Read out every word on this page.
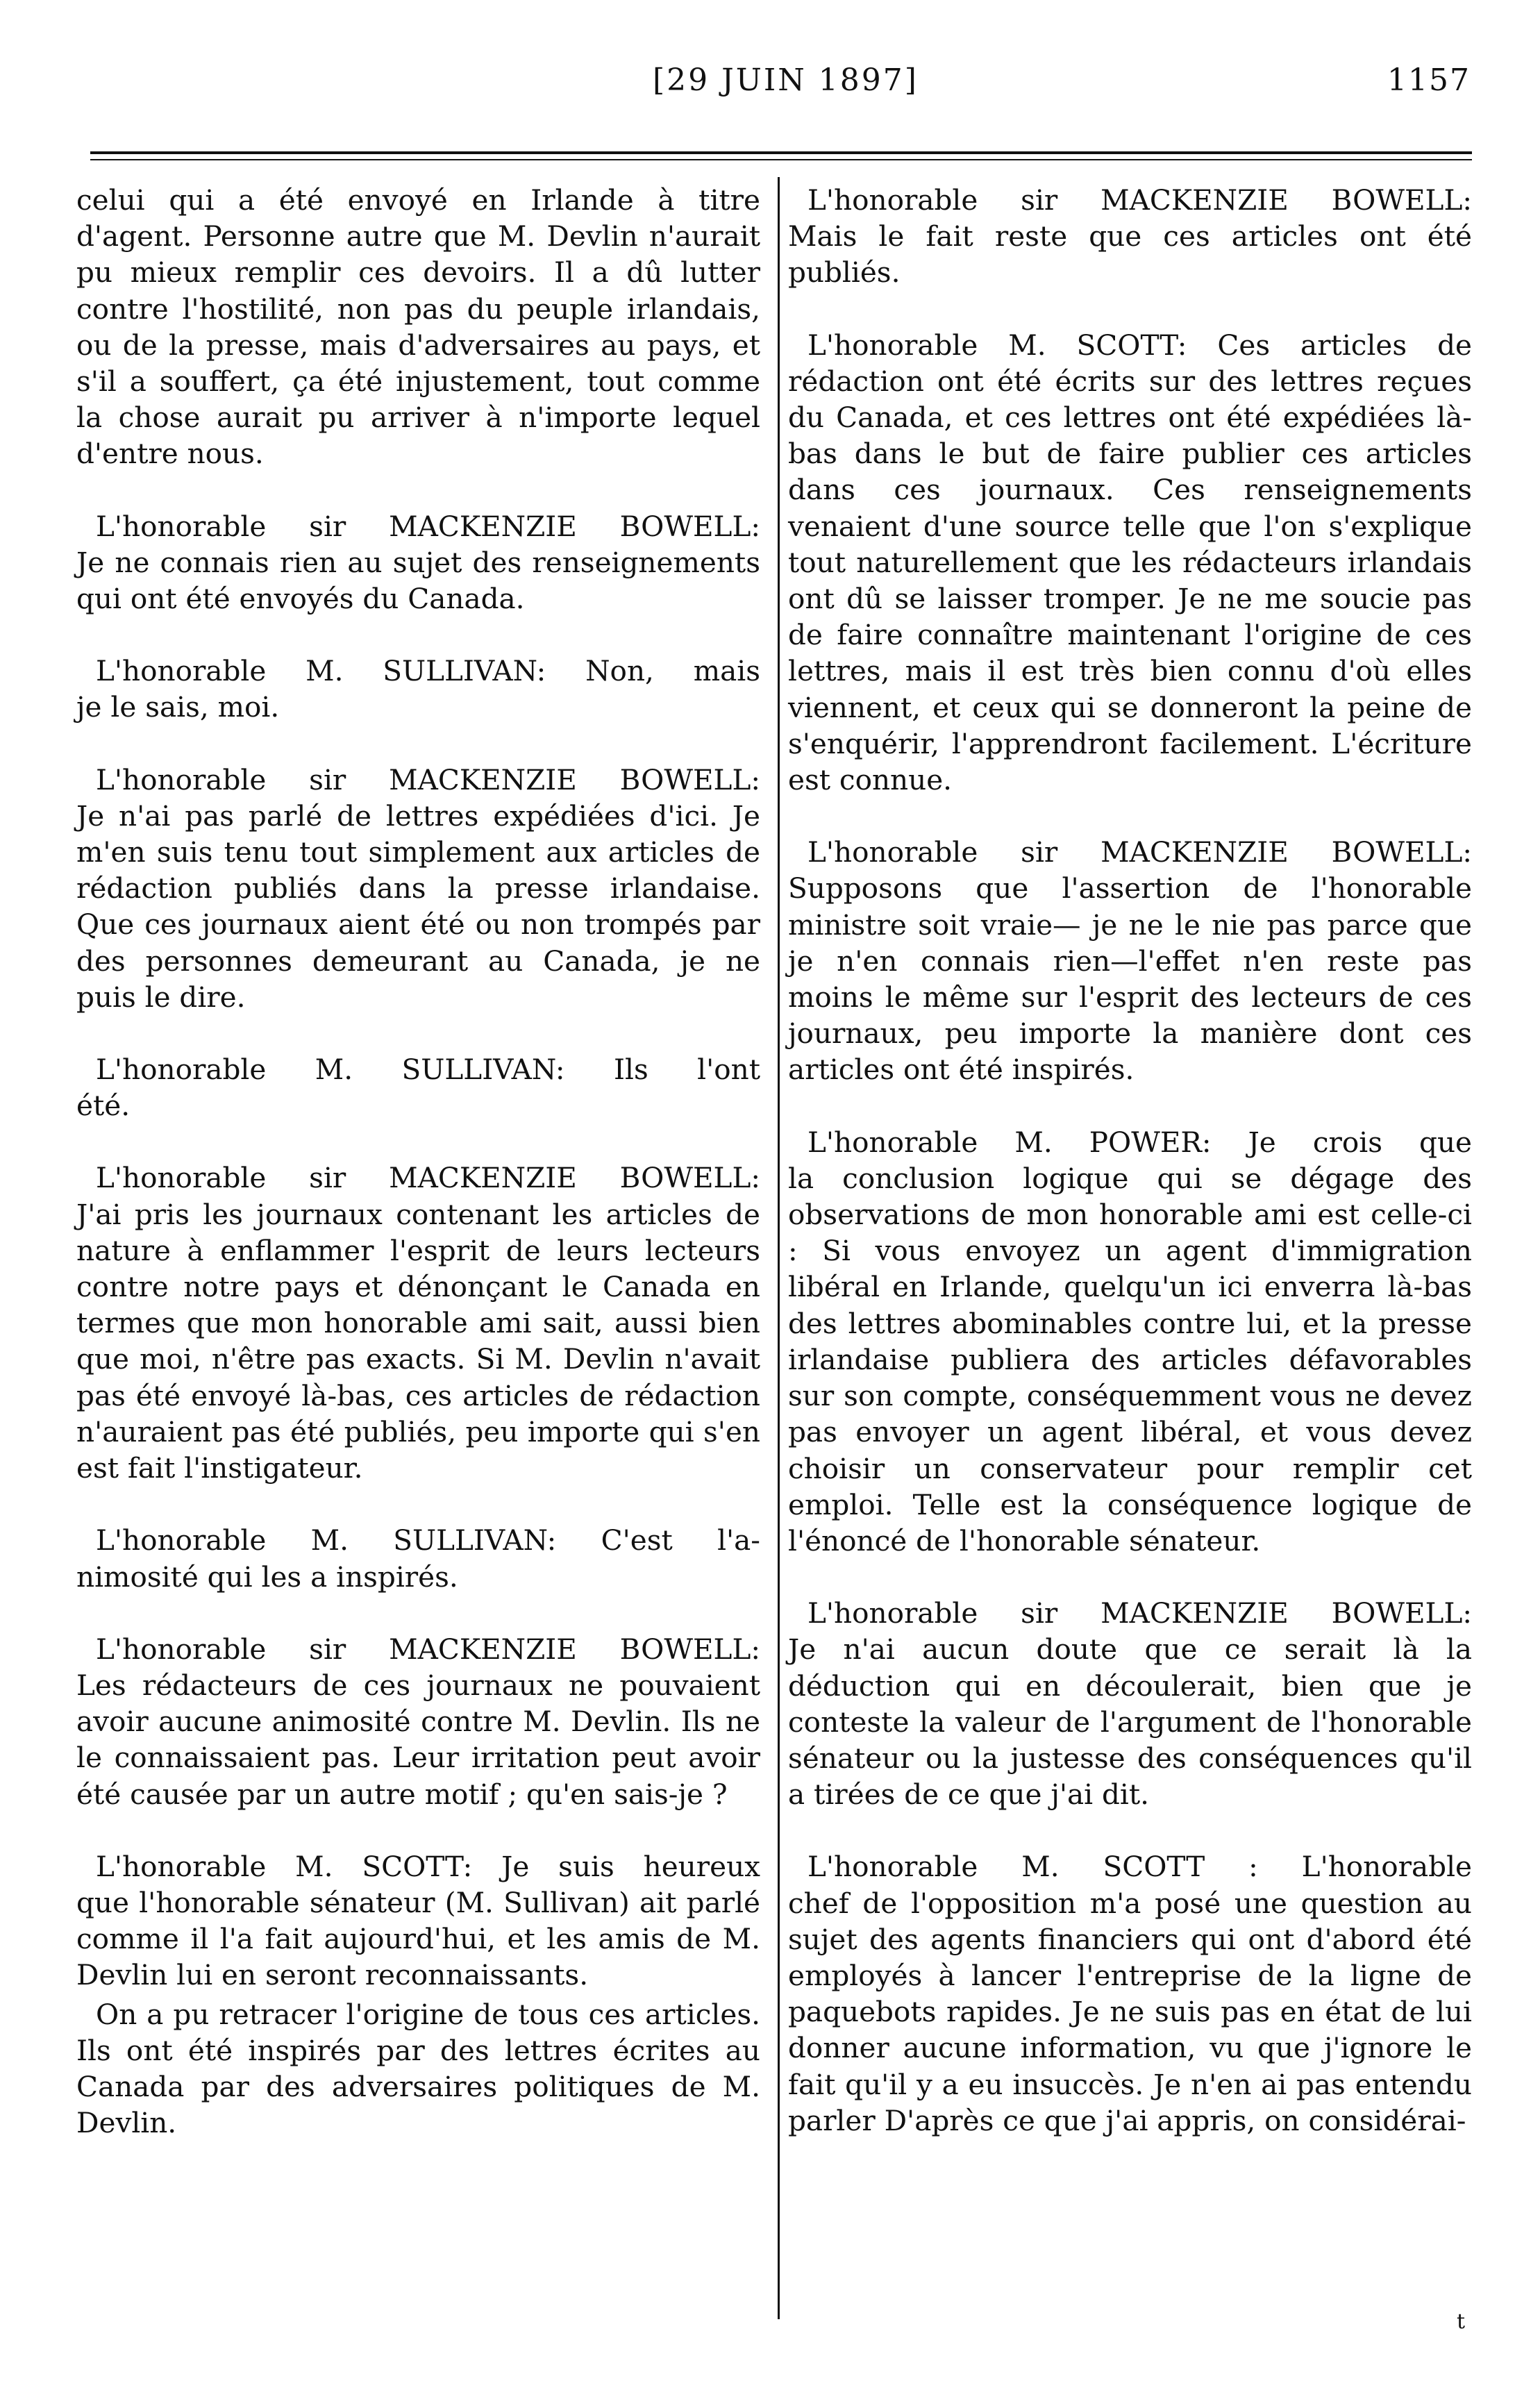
[29 JUIN 1897]	1157

celui qui a été envoyé en Irlande à titre d'agent. Personne autre que M. Devlin n'aurait pu mieux remplir ces devoirs. Il a dû lutter contre l'hostilité, non pas du peuple irlandais, ou de la presse, mais d'adversaires au pays, et s'il a souffert, ça été injustement, tout comme la chose aurait pu arriver à n'importe lequel d'entre nous.

L'honorable sir MACKENZIE BOWELL:
Je ne connais rien au sujet des renseignements qui ont été envoyés du Canada.

L'honorable M. SULLIVAN: Non, mais
je le sais, moi.

L'honorable sir MACKENZIE BOWELL:
Je n'ai pas parlé de lettres expédiées d'ici. Je m'en suis tenu tout simplement aux articles de rédaction publiés dans la presse irlandaise. Que ces journaux aient été ou non trompés par des personnes demeurant au Canada, je ne puis le dire.

L'honorable M. SULLIVAN: Ils l'ont
été.

L'honorable sir MACKENZIE BOWELL:
J'ai pris les journaux contenant les articles de nature à enflammer l'esprit de leurs lecteurs contre notre pays et dénonçant le Canada en termes que mon honorable ami sait, aussi bien que moi, n'être pas exacts. Si M. Devlin n'avait pas été envoyé là-bas, ces articles de rédaction n'auraient pas été publiés, peu importe qui s'en est fait l'instigateur.

L'honorable M. SULLIVAN: C'est l'a-
nimosité qui les a inspirés.

L'honorable sir MACKENZIE BOWELL:
Les rédacteurs de ces journaux ne pouvaient avoir aucune animosité contre M. Devlin. Ils ne le connaissaient pas. Leur irritation peut avoir été causée par un autre motif ; qu'en sais-je ?

L'honorable M. SCOTT: Je suis heureux
que l'honorable sénateur (M. Sullivan) ait parlé comme il l'a fait aujourd'hui, et les amis de M. Devlin lui en seront reconnaissants.

On a pu retracer l'origine de tous ces articles. Ils ont été inspirés par des lettres écrites au Canada par des adversaires politiques de M. Devlin.

L'honorable sir MACKENZIE BOWELL:
Mais le fait reste que ces articles ont été publiés.

L'honorable M. SCOTT: Ces articles de
rédaction ont été écrits sur des lettres reçues du Canada, et ces lettres ont été expédiées là-bas dans le but de faire publier ces articles dans ces journaux. Ces renseignements venaient d'une source telle que l'on s'explique tout naturellement que les rédacteurs irlandais ont dû se laisser tromper. Je ne me soucie pas de faire connaître maintenant l'origine de ces lettres, mais il est très bien connu d'où elles viennent, et ceux qui se donneront la peine de s'enquérir, l'apprendront facilement. L'écriture est connue.

L'honorable sir MACKENZIE BOWELL:
Supposons que l'assertion de l'honorable ministre soit vraie— je ne le nie pas parce que je n'en connais rien—l'effet n'en reste pas moins le même sur l'esprit des lecteurs de ces journaux, peu importe la manière dont ces articles ont été inspirés.

L'honorable M. POWER: Je crois que
la conclusion logique qui se dégage des observations de mon honorable ami est celle-ci : Si vous envoyez un agent d'immigration libéral en Irlande, quelqu'un ici enverra là-bas des lettres abominables contre lui, et la presse irlandaise publiera des articles défavorables sur son compte, conséquemment vous ne devez pas envoyer un agent libéral, et vous devez choisir un conservateur pour remplir cet emploi. Telle est la conséquence logique de l'énoncé de l'honorable sénateur.

L'honorable sir MACKENZIE BOWELL:
Je n'ai aucun doute que ce serait là la déduction qui en découlerait, bien que je conteste la valeur de l'argument de l'honorable sénateur ou la justesse des conséquences qu'il a tirées de ce que j'ai dit.

L'honorable M. SCOTT : L'honorable
chef de l'opposition m'a posé une question au sujet des agents financiers qui ont d'abord été employés à lancer l'entreprise de la ligne de paquebots rapides. Je ne suis pas en état de lui donner aucune information, vu que j'ignore le fait qu'il y a eu insuccès. Je n'en ai pas entendu parler D'après ce que j'ai appris, on considérai-

t
